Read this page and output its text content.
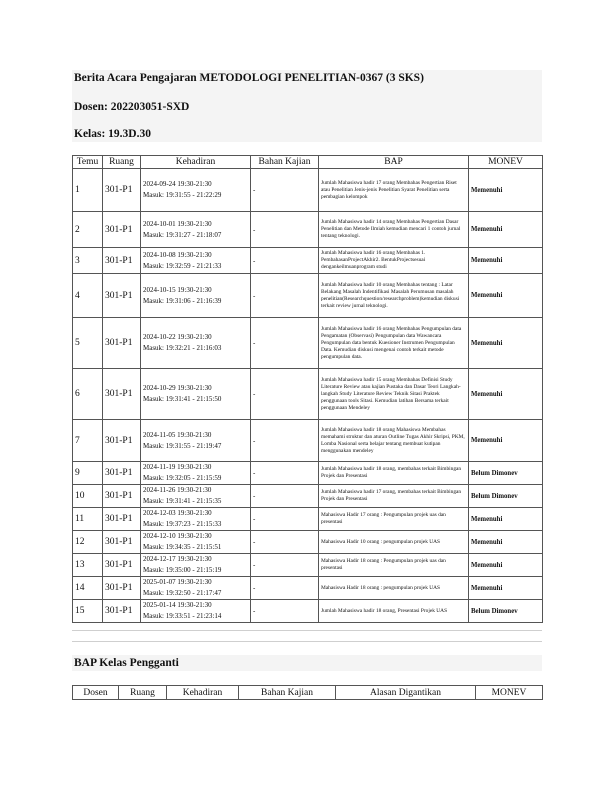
Berita Acara Pengajaran METODOLOGI PENELITIAN-0367 (3 SKS)
Dosen: 202203051-SXD
Kelas: 19.3D.30
Temu	Ruang	Kehadiran	Bahan Kajian	BAP	MONEV
1	301-P1	2024-09-24 19:30-21:30
Masuk: 19:31:55 - 21:22:29	-	Jumlah Mahasiswa hadir 17 orang Membahas Pengertian Riset atau Penelitian Jenis-jenis Penelitian Syarat Penelitian serta pembagian kelompok	Memenuhi
2	301-P1	2024-10-01 19:30-21:30
Masuk: 19:31:27 - 21:18:07	-	Jumlah Mahasiswa hadir 14 orang Membahas Pengertian Dasar Penelitian dan Metode Ilmiah kemudian mencari 1 contoh jurnal tentang teknologi.	Memenuhi
3	301-P1	2024-10-08 19:30-21:30
Masuk: 19:32:59 - 21:21:33	-	Jumlah Mahasiswa hadir 16 orang Membahas 1. PembahasanProjectAkhir2. BentukProjectsesuai dengankeilmuanprogram studi	Memenuhi
4	301-P1	2024-10-15 19:30-21:30
Masuk: 19:31:06 - 21:16:39	-	Jumlah Mahasiswa hadir 10 orang Membahas tentang : Latar Belakang Masalah Indentifikasi Masalah Perumusan masalah penelitian(Researchquestion/researchproblem)kemudian diskusi terkait review jurnal teknologi.	Memenuhi
5	301-P1	2024-10-22 19:30-21:30
Masuk: 19:32:21 - 21:16:03	-	Jumlah Mahasiswa hadir 16 orang Membahas Pengumpulan data Pengamatan (Observasi) Pengumpulan data Wawancara Pengumpulan data bentuk Kuesioner Instrumen Pengumpulan Data. Kemudian diskusi mengenai contoh terkait metode pengumpulan data.	Memenuhi
6	301-P1	2024-10-29 19:30-21:30
Masuk: 19:31:41 - 21:15:50	-	Jumlah Mahasiswa hadir 15 orang Membahas Definisi Study Literature Review atau kajian Pustaka dan Dasar Teori Langkah-langkah Study Literature Review Teknik Sitasi Praktek penggunaan tools Sitasi. Kemudian latihan Bersama terkait penggunaan Mendeley	Memenuhi
7	301-P1	2024-11-05 19:30-21:30
Masuk: 19:31:55 - 21:19:47	-	Jumlah Mahasiswa hadir 18 orang Mahasiswa Membahas memahami struktur dan aturan Outline Tugas Akhir Skripsi, PKM, Lomba Nasional serta belajar tentang membuat kutipan menggunakan mendeley	Memenuhi
9	301-P1	2024-11-19 19:30-21:30
Masuk: 19:32:05 - 21:15:59	-	Jumlah Mahasiswa hadir 18 orang, membahas terkait Bimbingan Projek dan Presentasi	Belum Dimonev
10	301-P1	2024-11-26 19:30-21:30
Masuk: 19:31:41 - 21:15:35	-	Jumlah Mahasiswa hadir 17 orang, membahas terkait Bimbingan Projek dan Presentasi	Belum Dimonev
11	301-P1	2024-12-03 19:30-21:30
Masuk: 19:37:23 - 21:15:33	-	Mahasiswa Hadir 17 orang : Pengumpulan projek uas dan presentasi	Memenuhi
12	301-P1	2024-12-10 19:30-21:30
Masuk: 19:34:35 - 21:15:51	-	Mahasiswa Hadir 10 orang : pengumpulan projek UAS	Memenuhi
13	301-P1	2024-12-17 19:30-21:30
Masuk: 19:35:00 - 21:15:19	-	Mahasiswa Hadir 18 orang : Pengumpulan projek uas dan presentasi	Memenuhi
14	301-P1	2025-01-07 19:30-21:30
Masuk: 19:32:50 - 21:17:47	-	Mahasiswa Hadir 18 orang : pengumpulan projek UAS	Memenuhi
15	301-P1	2025-01-14 19:30-21:30
Masuk: 19:33:51 - 21:23:14	-	Jumlah Mahasiswa hadir 18 orang, Presentasi Projek UAS	Belum Dimonev
BAP Kelas Pengganti
Dosen	Ruang	Kehadiran	Bahan Kajian	Alasan Digantikan	MONEV
